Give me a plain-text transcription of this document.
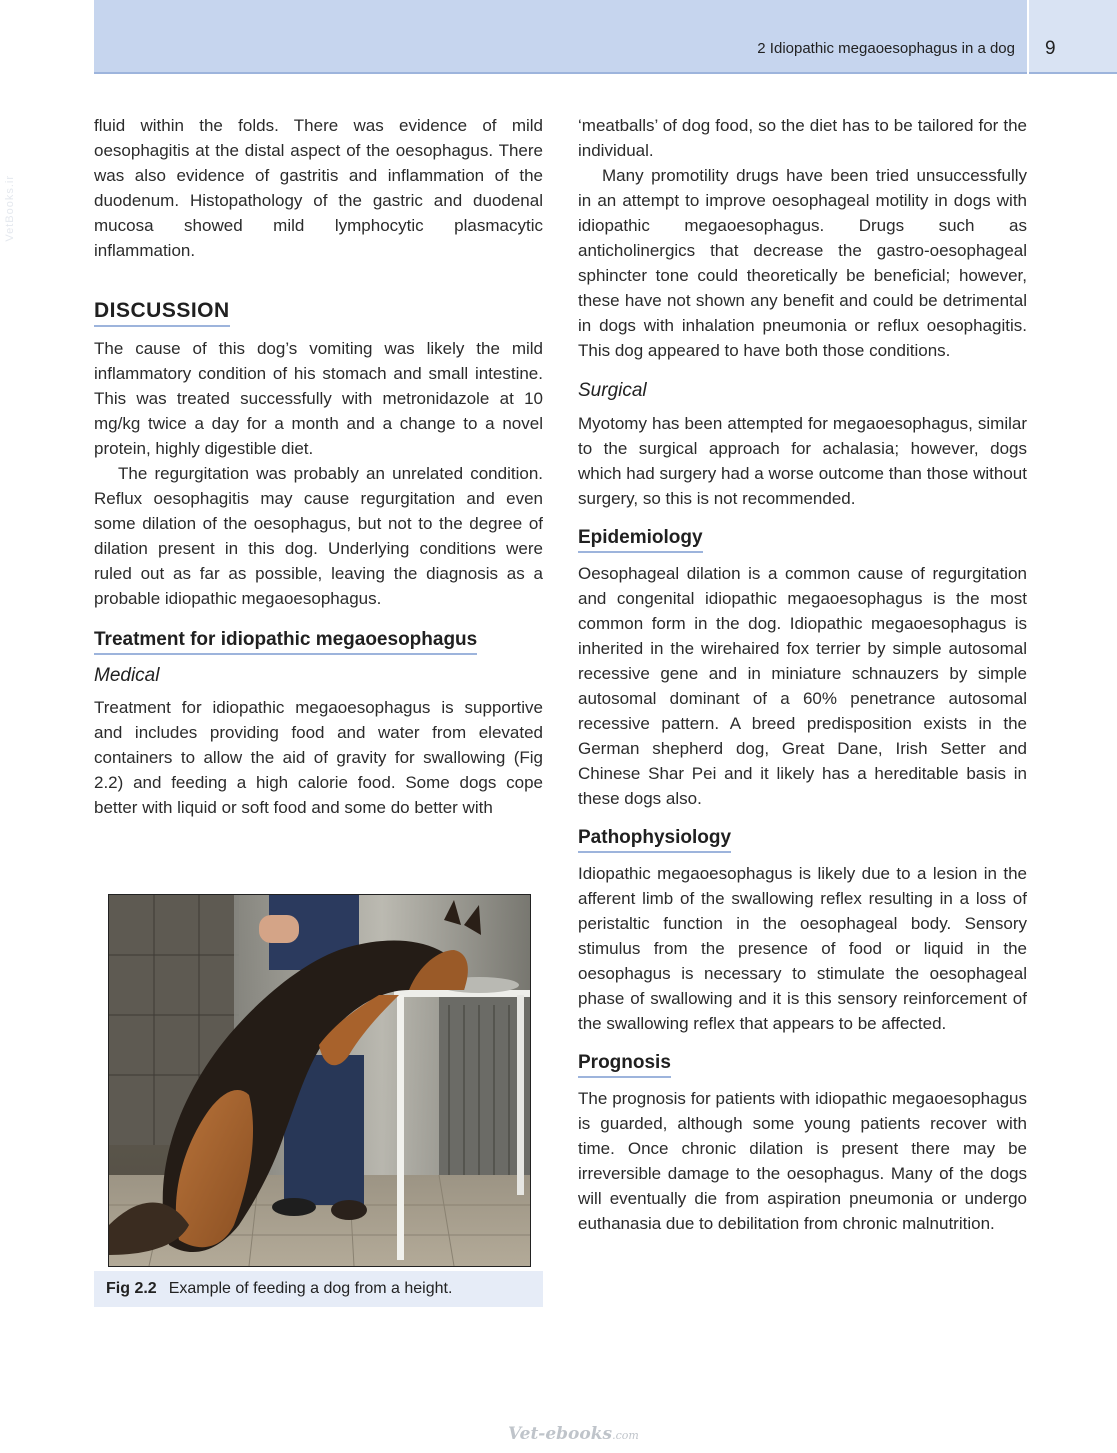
2 Idiopathic megaoesophagus in a dog 9
VetBooks.ir

fluid within the folds. There was evidence of mild oesophagitis at the distal aspect of the oesophagus. There was also evidence of gastritis and inflammation of the duodenum. Histopathology of the gastric and duodenal mucosa showed mild lymphocytic plasmacytic inflammation.

DISCUSSION

The cause of this dog’s vomiting was likely the mild inflammatory condition of his stomach and small intestine. This was treated successfully with metronidazole at 10 mg/kg twice a day for a month and a change to a novel protein, highly digestible diet.

The regurgitation was probably an unrelated condition. Reflux oesophagitis may cause regurgitation and even some dilation of the oesophagus, but not to the degree of dilation present in this dog. Underlying conditions were ruled out as far as possible, leaving the diagnosis as a probable idiopathic megaoesophagus.

Treatment for idiopathic megaoesophagus
Medical

Treatment for idiopathic megaoesophagus is supportive and includes providing food and water from elevated containers to allow the aid of gravity for swallowing (Fig 2.2) and feeding a high calorie food. Some dogs cope better with liquid or soft food and some do better with

Fig 2.2 Example of feeding a dog from a height.

‘meatballs’ of dog food, so the diet has to be tailored for the individual.

Many promotility drugs have been tried unsuccessfully in an attempt to improve oesophageal motility in dogs with idiopathic megaoesophagus. Drugs such as anticholinergics that decrease the gastro-oesophageal sphincter tone could theoretically be beneficial; however, these have not shown any benefit and could be detrimental in dogs with inhalation pneumonia or reflux oesophagitis. This dog appeared to have both those conditions.

Surgical

Myotomy has been attempted for megaoesophagus, similar to the surgical approach for achalasia; however, dogs which had surgery had a worse outcome than those without surgery, so this is not recommended.

Epidemiology

Oesophageal dilation is a common cause of regurgitation and congenital idiopathic megaoesophagus is the most common form in the dog. Idiopathic megaoesophagus is inherited in the wirehaired fox terrier by simple autosomal recessive gene and in miniature schnauzers by simple autosomal dominant of a 60% penetrance autosomal recessive pattern. A breed predisposition exists in the German shepherd dog, Great Dane, Irish Setter and Chinese Shar Pei and it likely has a hereditable basis in these dogs also.

Pathophysiology

Idiopathic megaoesophagus is likely due to a lesion in the afferent limb of the swallowing reflex resulting in a loss of peristaltic function in the oesophageal body. Sensory stimulus from the presence of food or liquid in the oesophagus is necessary to stimulate the oesophageal phase of swallowing and it is this sensory reinforcement of the swallowing reflex that appears to be affected.

Prognosis

The prognosis for patients with idiopathic megaoesophagus is guarded, although some young patients recover with time. Once chronic dilation is present there may be irreversible damage to the oesophagus. Many of the dogs will eventually die from aspiration pneumonia or undergo euthanasia due to debilitation from chronic malnutrition.

Vet-ebooks.com
